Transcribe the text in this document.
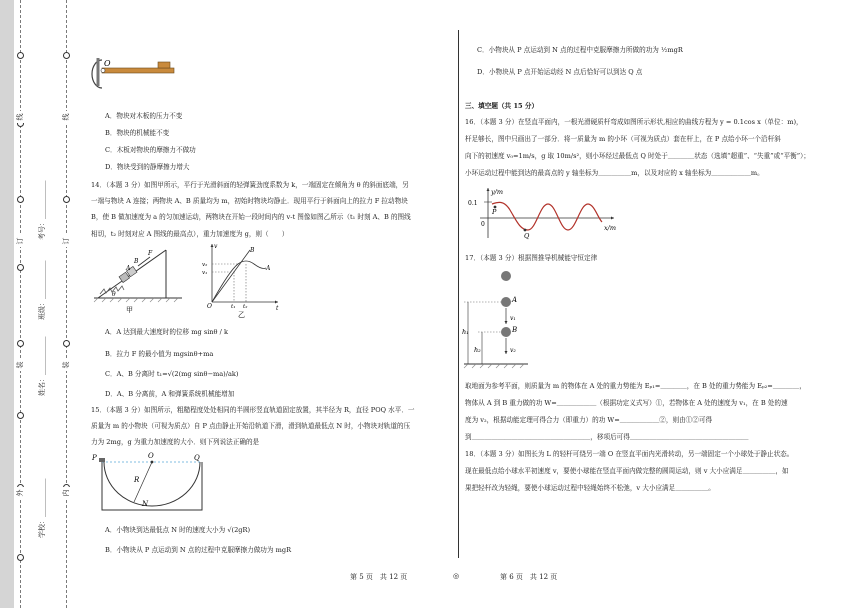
线
订
装
外
线
订
装
内
学校：___________
姓名：___________
班级：___________
考号：___________
O
A．物块对木板的压力不变
B．物块的机械能不变
C．木板对物块的摩擦力不做功
D．物块受到的静摩擦力增大
14．（本题 3 分）如图甲所示，平行于光滑斜面的轻弹簧劲度系数为 k，一端固定在倾角为 θ 的斜面底端，另
一端与物块 A 连接；两物块 A、B 质量均为 m，初始时物块均静止．现用平行于斜面向上的拉力 F 拉动物块
B，使 B 做加速度为 a 的匀加速运动，两物块在开始一段时间内的 v-t 图像如图乙所示（t₁ 时刻 A、B 的图线
相切，t₂ 时刻对应 A 图线的最高点），重力加速度为 g，则（　　）
A
B
F
θ
甲
v
t
O
v₂
v₁
t₁ t₂
B
A
乙
A．A 达到最大速度时的位移 mg sinθ / k
B．拉力 F 的最小值为 mgsinθ+ma
C．A、B 分离时 t₁=√(2(mg sinθ−ma)/ak)
D．A、B 分离前，A 和弹簧系统机械能增加
15．（本题 3 分）如图所示，粗糙程度处处相同的半圆形竖直轨道固定放置，其半径为 R，直径 POQ 水平．一
质量为 m 的小物块（可视为质点）自 P 点由静止开始沿轨道下滑，滑到轨道最低点 N 时，小物块对轨道的压
力为 2mg，g 为重力加速度的大小．则下列说法正确的是
P	O	Q
R
N
A．小物块到达最低点 N 时的速度大小为 √(2gR)
B．小物块从 P 点运动到 N 点的过程中克服摩擦力做功为 mgR
C．小物块从 P 点运动到 N 点的过程中克服摩擦力所做的功为 ½mgR
D．小物块从 P 点开始运动经 N 点后恰好可以到达 Q 点
三、填空题（共 15 分）
16．（本题 3 分）在竖直平面内，一根光滑硬质杆弯成如图所示形状,相应的曲线方程为 y = 0.1cos x（单位：m)，
杆足够长，图中只画出了一部分．将一质量为 m 的小环（可视为质点）套在杆上，在 P 点给小环一个沿杆斜
向下的初速度 v₀=1m/s，g 取 10m/s²，则小环经过最低点 Q 时处于＿＿＿＿状态（选填“超重”、“失重”或“平衡”）；
小环运动过程中能到达的最高点的 y 轴坐标为＿＿＿＿＿m，以及对应的 x 轴坐标为＿＿＿＿＿＿m。
y/m
0.1
0
P
Q
x/m
17．（本题 3 分）根据图推导机械能守恒定律
A
B
v₁
v₂
h₁
h₂
取地面为参考平面，则质量为 m 的物体在 A 处的重力势能为 Eₚ₁=＿＿＿＿，在 B 处的重力势能为 Eₚ₂=＿＿＿＿，
物体从 A 到 B 重力做的功 W=＿＿＿＿＿＿（根据功定义式写）①，若物体在 A 处的速度为 v₁，在 B 处的速
度为 v₂，根据动能定理可得合力（即重力）的功 W=＿＿＿＿＿＿②，则由①②可得
到＿＿＿＿＿＿＿＿＿＿＿＿＿＿＿＿＿＿，移项后可得＿＿＿＿＿＿＿＿＿＿＿＿＿＿＿＿＿＿
18．（本题 3 分）如图长为 L 的轻杆可绕另一端 O 在竖直平面内光滑转动，另一端固定一个小球处于静止状态。
现在最低点给小球水平初速度 v，要使小球能在竖直平面内做完整的圆周运动，则 v 大小应满足＿＿＿＿＿，如
果把轻杆改为轻绳，要使小球运动过程中轻绳始终不松弛，v 大小应满足＿＿＿＿＿。
第 5 页　共 12 页	◎	第 6 页　共 12 页
